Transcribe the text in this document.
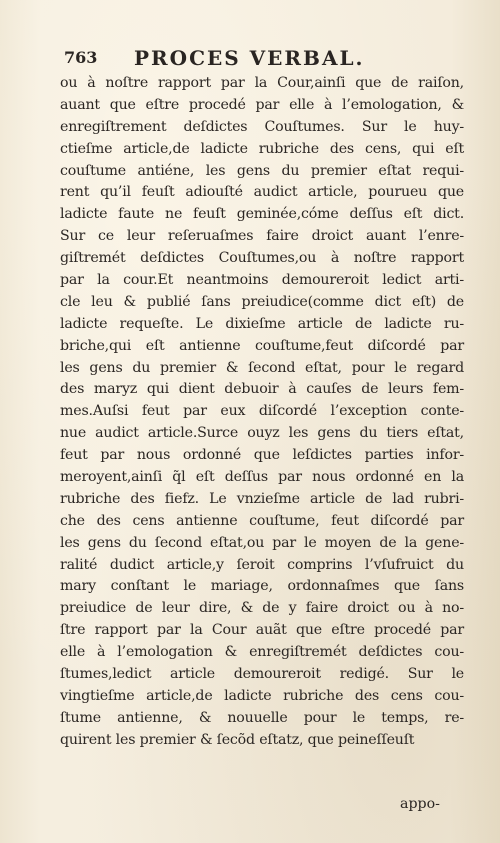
763 PROCES VERBAL.
ou à noſtre rapport par la Cour,ainſi que de raiſon,
auant que eſtre procedé par elle à l’emologation, &
enregiſtrement deſdictes Couſtumes. Sur le huy-
ctieſme article,de ladicte rubriche des cens, qui eſt
couſtume antiéne, les gens du premier eſtat requi-
rent qu’il feuſt adiouſté audict article, pourueu que
ladicte faute ne feuſt geminée,cóme deſſus eſt dict.
Sur ce leur reſeruaſmes faire droict auant l’enre-
giſtremét deſdictes Couſtumes,ou à noſtre rapport
par la cour.Et neantmoins demoureroit ledict arti-
cle leu & publié ſans preiudice(comme dict eſt) de
ladicte requeſte. Le dixieſme article de ladicte ru-
briche,qui eſt antienne couſtume,feut diſcordé par
les gens du premier & ſecond eſtat, pour le regard
des maryz qui dient debuoir à cauſes de leurs fem-
mes.Auſsi feut par eux diſcordé l’exception conte-
nue audict article.Surce ouyz les gens du tiers eſtat,
feut par nous ordonné que leſdictes parties infor-
meroyent,ainſi q̃l eſt deſſus par nous ordonné en la
rubriche des fiefz. Le vnzieſme article de lad rubri-
che des cens antienne couſtume, feut diſcordé par
les gens du ſecond eſtat,ou par le moyen de la gene-
ralité dudict article,y ſeroit comprins l’vſufruict du
mary conſtant le mariage, ordonnaſmes que ſans
preiudice de leur dire, & de y faire droict ou à no-
ſtre rapport par la Cour auãt que eſtre procedé par
elle à l’emologation & enregiſtremét deſdictes cou-
ſtumes,ledict article demoureroit redigé. Sur le
vingtieſme article,de ladicte rubriche des cens cou-
ſtume antienne, & nouuelle pour le temps, re-
quirent les premier & ſecõd eſtatz, que peineſſeuſt
appo-
